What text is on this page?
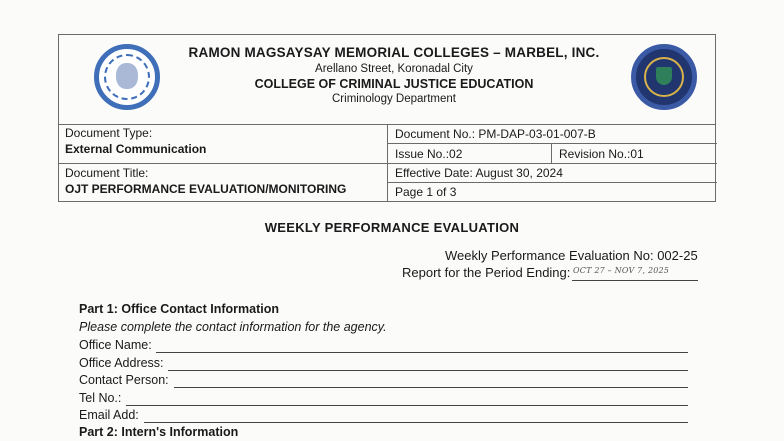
RAMON MAGSAYSAY MEMORIAL COLLEGES – MARBEL, INC.
Arellano Street, Koronadal City
COLLEGE OF CRIMINAL JUSTICE EDUCATION
Criminology Department
Document Type:
External Communication
Document Title:
OJT PERFORMANCE EVALUATION/MONITORING
Document No.: PM-DAP-03-01-007-B
Issue No.:02	Revision No.:01
Effective Date: August 30, 2024
Page 1 of 3
WEEKLY PERFORMANCE EVALUATION
Weekly Performance Evaluation No: 002-25
Report for the Period Ending: OCT 27 – NOV 7, 2025
Part 1: Office Contact Information
Please complete the contact information for the agency.
Office Name:
Office Address:
Contact Person:
Tel No.:
Email Add:
Part 2: Intern's Information
